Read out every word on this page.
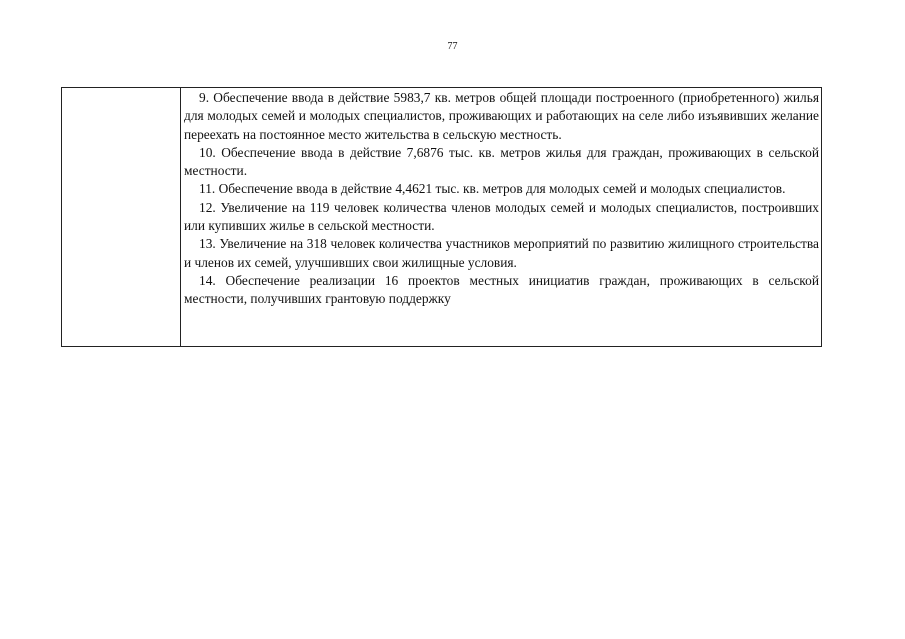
77

9. Обеспечение ввода в действие 5983,7 кв. метров общей площади построенного (приобретенного) жилья для молодых семей и молодых специалистов, проживающих и работающих на селе либо изъявивших желание переехать на постоянное место жительства в сельскую местность.

10. Обеспечение ввода в действие 7,6876 тыс. кв. метров жилья для граждан, проживающих в сельской местности.

11. Обеспечение ввода в действие 4,4621 тыс. кв. метров для молодых семей и молодых специалистов.

12. Увеличение на 119 человек количества членов молодых семей и молодых специалистов, построивших или купивших жилье в сельской местности.

13. Увеличение на 318 человек количества участников мероприятий по развитию жилищного строительства и членов их семей, улучшивших свои жилищные условия.

14. Обеспечение реализации 16 проектов местных инициатив граждан, проживающих в сельской местности, получивших грантовую поддержку
